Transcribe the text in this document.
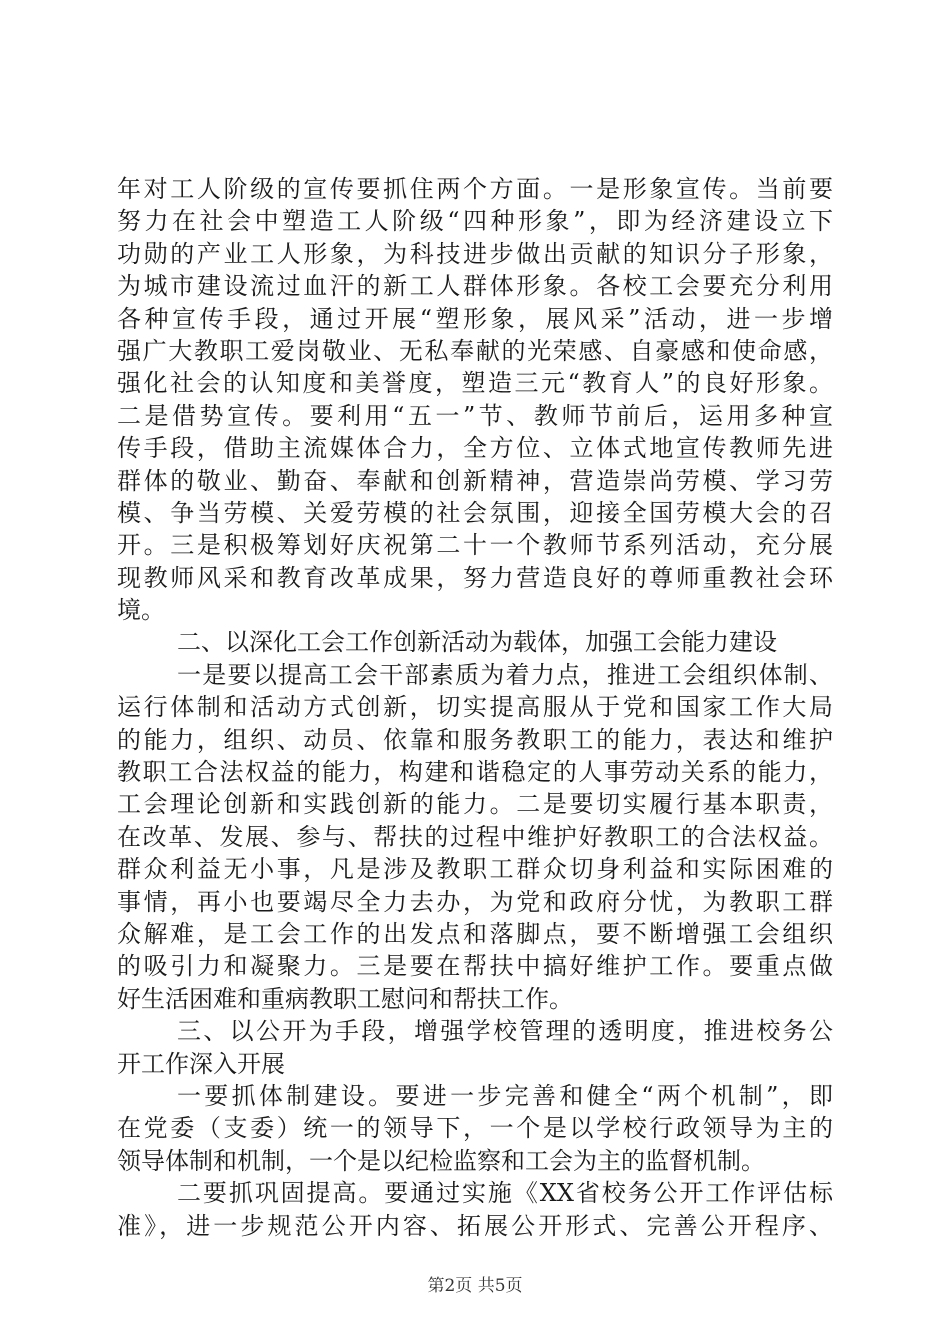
年对工人阶级的宣传要抓住两个方面。一是形象宣传。当前要
努力在社会中塑造工人阶级“四种形象”，即为经济建设立下
功勋的产业工人形象，为科技进步做出贡献的知识分子形象，
为城市建设流过血汗的新工人群体形象。各校工会要充分利用
各种宣传手段，通过开展“塑形象，展风采”活动，进一步增
强广大教职工爱岗敬业、无私奉献的光荣感、自豪感和使命感，
强化社会的认知度和美誉度，塑造三元“教育人”的良好形象。
二是借势宣传。要利用“五一”节、教师节前后，运用多种宣
传手段，借助主流媒体合力，全方位、立体式地宣传教师先进
群体的敬业、勤奋、奉献和创新精神，营造崇尚劳模、学习劳
模、争当劳模、关爱劳模的社会氛围，迎接全国劳模大会的召
开。三是积极筹划好庆祝第二十一个教师节系列活动，充分展
现教师风采和教育改革成果，努力营造良好的尊师重教社会环
境。
二、以深化工会工作创新活动为载体，加强工会能力建设
一是要以提高工会干部素质为着力点，推进工会组织体制、
运行体制和活动方式创新，切实提高服从于党和国家工作大局
的能力，组织、动员、依靠和服务教职工的能力，表达和维护
教职工合法权益的能力，构建和谐稳定的人事劳动关系的能力，
工会理论创新和实践创新的能力。二是要切实履行基本职责，
在改革、发展、参与、帮扶的过程中维护好教职工的合法权益。
群众利益无小事，凡是涉及教职工群众切身利益和实际困难的
事情，再小也要竭尽全力去办，为党和政府分忧，为教职工群
众解难，是工会工作的出发点和落脚点，要不断增强工会组织
的吸引力和凝聚力。三是要在帮扶中搞好维护工作。要重点做
好生活困难和重病教职工慰问和帮扶工作。
三、以公开为手段，增强学校管理的透明度，推进校务公
开工作深入开展
一要抓体制建设。要进一步完善和健全“两个机制”，即
在党委（支委）统一的领导下，一个是以学校行政领导为主的
领导体制和机制，一个是以纪检监察和工会为主的监督机制。
二要抓巩固提高。要通过实施《XX省校务公开工作评估标
准》，进一步规范公开内容、拓展公开形式、完善公开程序、
第2页 共5页
